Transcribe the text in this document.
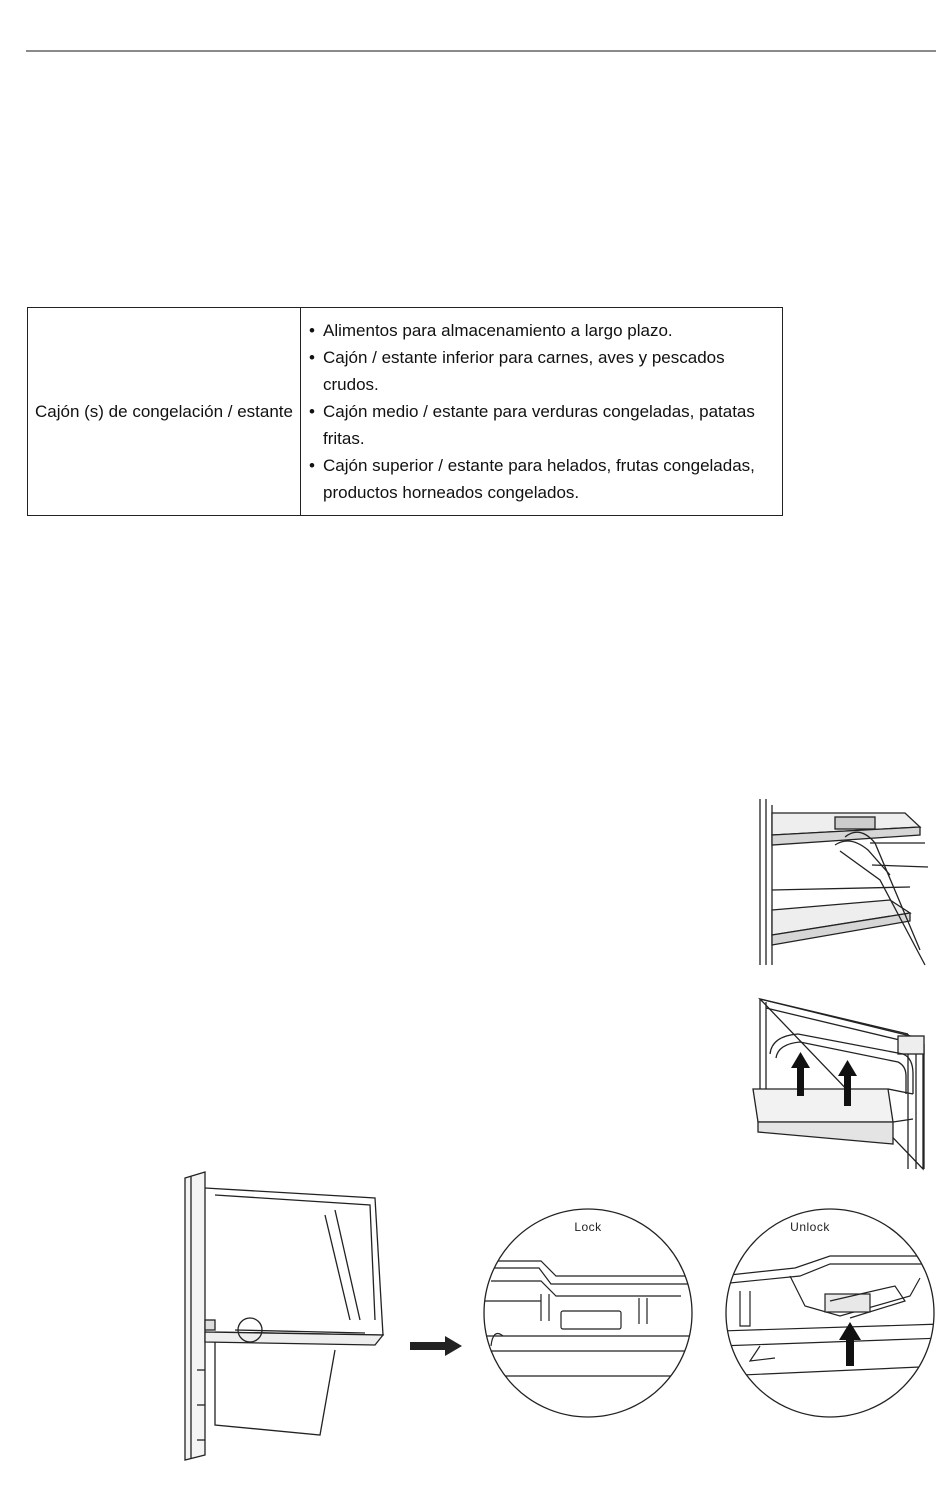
Cajón (s) de congelación / estante	
• Alimentos para almacenamiento a largo plazo.
• Cajón / estante inferior para carnes, aves y pescados crudos.
• Cajón medio / estante para verduras congeladas, patatas fritas.
• Cajón superior / estante para helados, frutas congeladas, productos horneados congelados.
Lock	Unlock
